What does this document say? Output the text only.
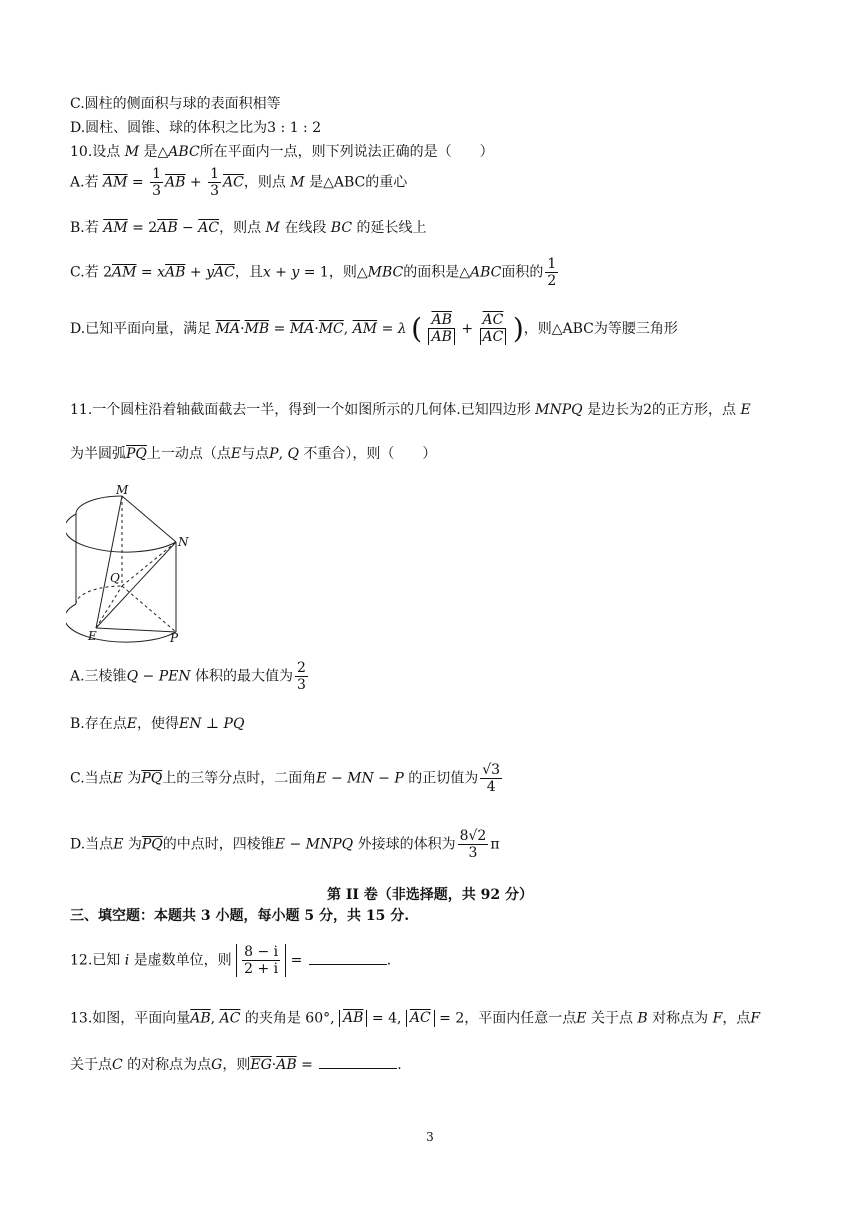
C.圆柱的侧面积与球的表面积相等
D.圆柱、圆锥、球的体积之比为3 : 1 : 2
10.设点 M 是△ABC所在平面内一点，则下列说法正确的是（　　）
A.若 $\overline{AM} = \frac{1}{3} \overline{AB} + \frac{1}{3} \overline{AC}$，则点 M 是△ABC的重心
B.若 $\overline{AM} = 2\overline{AB} - \overline{AC}$，则点 M 在线段 BC 的延长线上
C.若 $2\overline{AM} = x\overline{AB} + y\overline{AC}$，且x + y = 1，则△MBC的面积是△ABC面积的 $\frac{1}{2}$
D.已知平面向量，满足 $\overline{MA}\cdot\overline{MB} = \overline{MA}\cdot\overline{MC}$, $\overline{AM} = \lambda$ ( $\frac{\overline{AB}}{AB} + \frac{\overline{AC}}{AC}$ )，则△ABC为等腰三角形
11.一个圆柱沿着轴截面截去一半，得到一个如图所示的几何体.已知四边形 MNPQ 是边长为2的正方形，点 E
为半圆弧$\overline{PQ}$上一动点（点E与点P, Q 不重合），则（　　）
M
N
Q
E	P
A.三棱锥Q − PEN 体积的最大值为 $\frac{2}{3}$
B.存在点E，使得EN ⊥ PQ
C.当点E 为$\overline{PQ}$上的三等分点时，二面角E − MN − P 的正切值为 $\frac{√3}{4}$
D.当点E 为$\overline{PQ}$的中点时，四棱锥E − MNPQ 外接球的体积为 $\frac{8√2}{3}$ π
第 II 卷（非选择题，共 92 分）
三、填空题：本题共 3 小题，每小题 5 分，共 15 分.
12.已知 i 是虚数单位，则 $\frac{8 - i}{2 + i}$ =	.
13.如图，平面向量$\overline{AB}$, $\overline{AC}$ 的夹角是 60°, $\overline{AB} = 4$, $\overline{AC} = 2$，平面内任意一点E 关于点 B 对称点为 F，点F
关于点C 的对称点为点G，则$\overline{EG}\cdot\overline{AB}$ =	.
3
